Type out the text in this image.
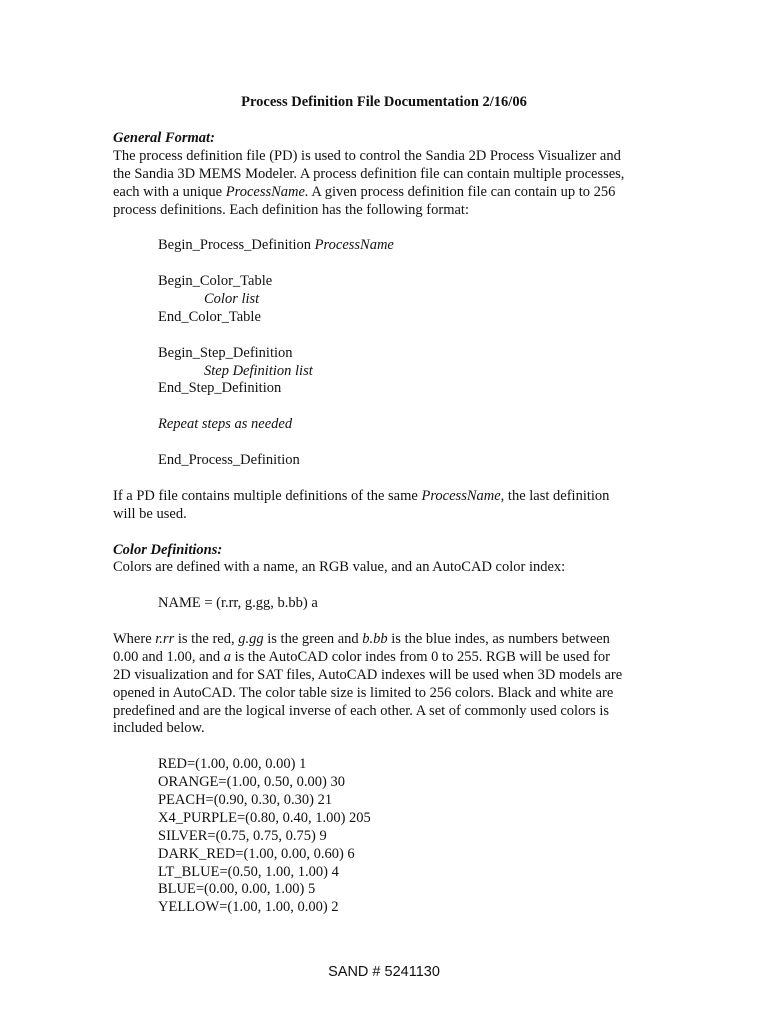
Process Definition File Documentation 2/16/06
General Format:
The process definition file (PD) is used to control the Sandia 2D Process Visualizer and
the Sandia 3D MEMS Modeler. A process definition file can contain multiple processes,
each with a unique ProcessName. A given process definition file can contain up to 256
process definitions. Each definition has the following format:
Begin_Process_Definition ProcessName
Begin_Color_Table
Color list
End_Color_Table
Begin_Step_Definition
Step Definition list
End_Step_Definition
Repeat steps as needed
End_Process_Definition
If a PD file contains multiple definitions of the same ProcessName, the last definition
will be used.
Color Definitions:
Colors are defined with a name, an RGB value, and an AutoCAD color index:
NAME = (r.rr, g.gg, b.bb) a
Where r.rr is the red, g.gg is the green and b.bb is the blue indes, as numbers between
0.00 and 1.00, and a is the AutoCAD color indes from 0 to 255. RGB will be used for
2D visualization and for SAT files, AutoCAD indexes will be used when 3D models are
opened in AutoCAD. The color table size is limited to 256 colors. Black and white are
predefined and are the logical inverse of each other. A set of commonly used colors is
included below.
RED=(1.00, 0.00, 0.00) 1
ORANGE=(1.00, 0.50, 0.00) 30
PEACH=(0.90, 0.30, 0.30) 21
X4_PURPLE=(0.80, 0.40, 1.00) 205
SILVER=(0.75, 0.75, 0.75) 9
DARK_RED=(1.00, 0.00, 0.60) 6
LT_BLUE=(0.50, 1.00, 1.00) 4
BLUE=(0.00, 0.00, 1.00) 5
YELLOW=(1.00, 1.00, 0.00) 2
SAND # 5241130
